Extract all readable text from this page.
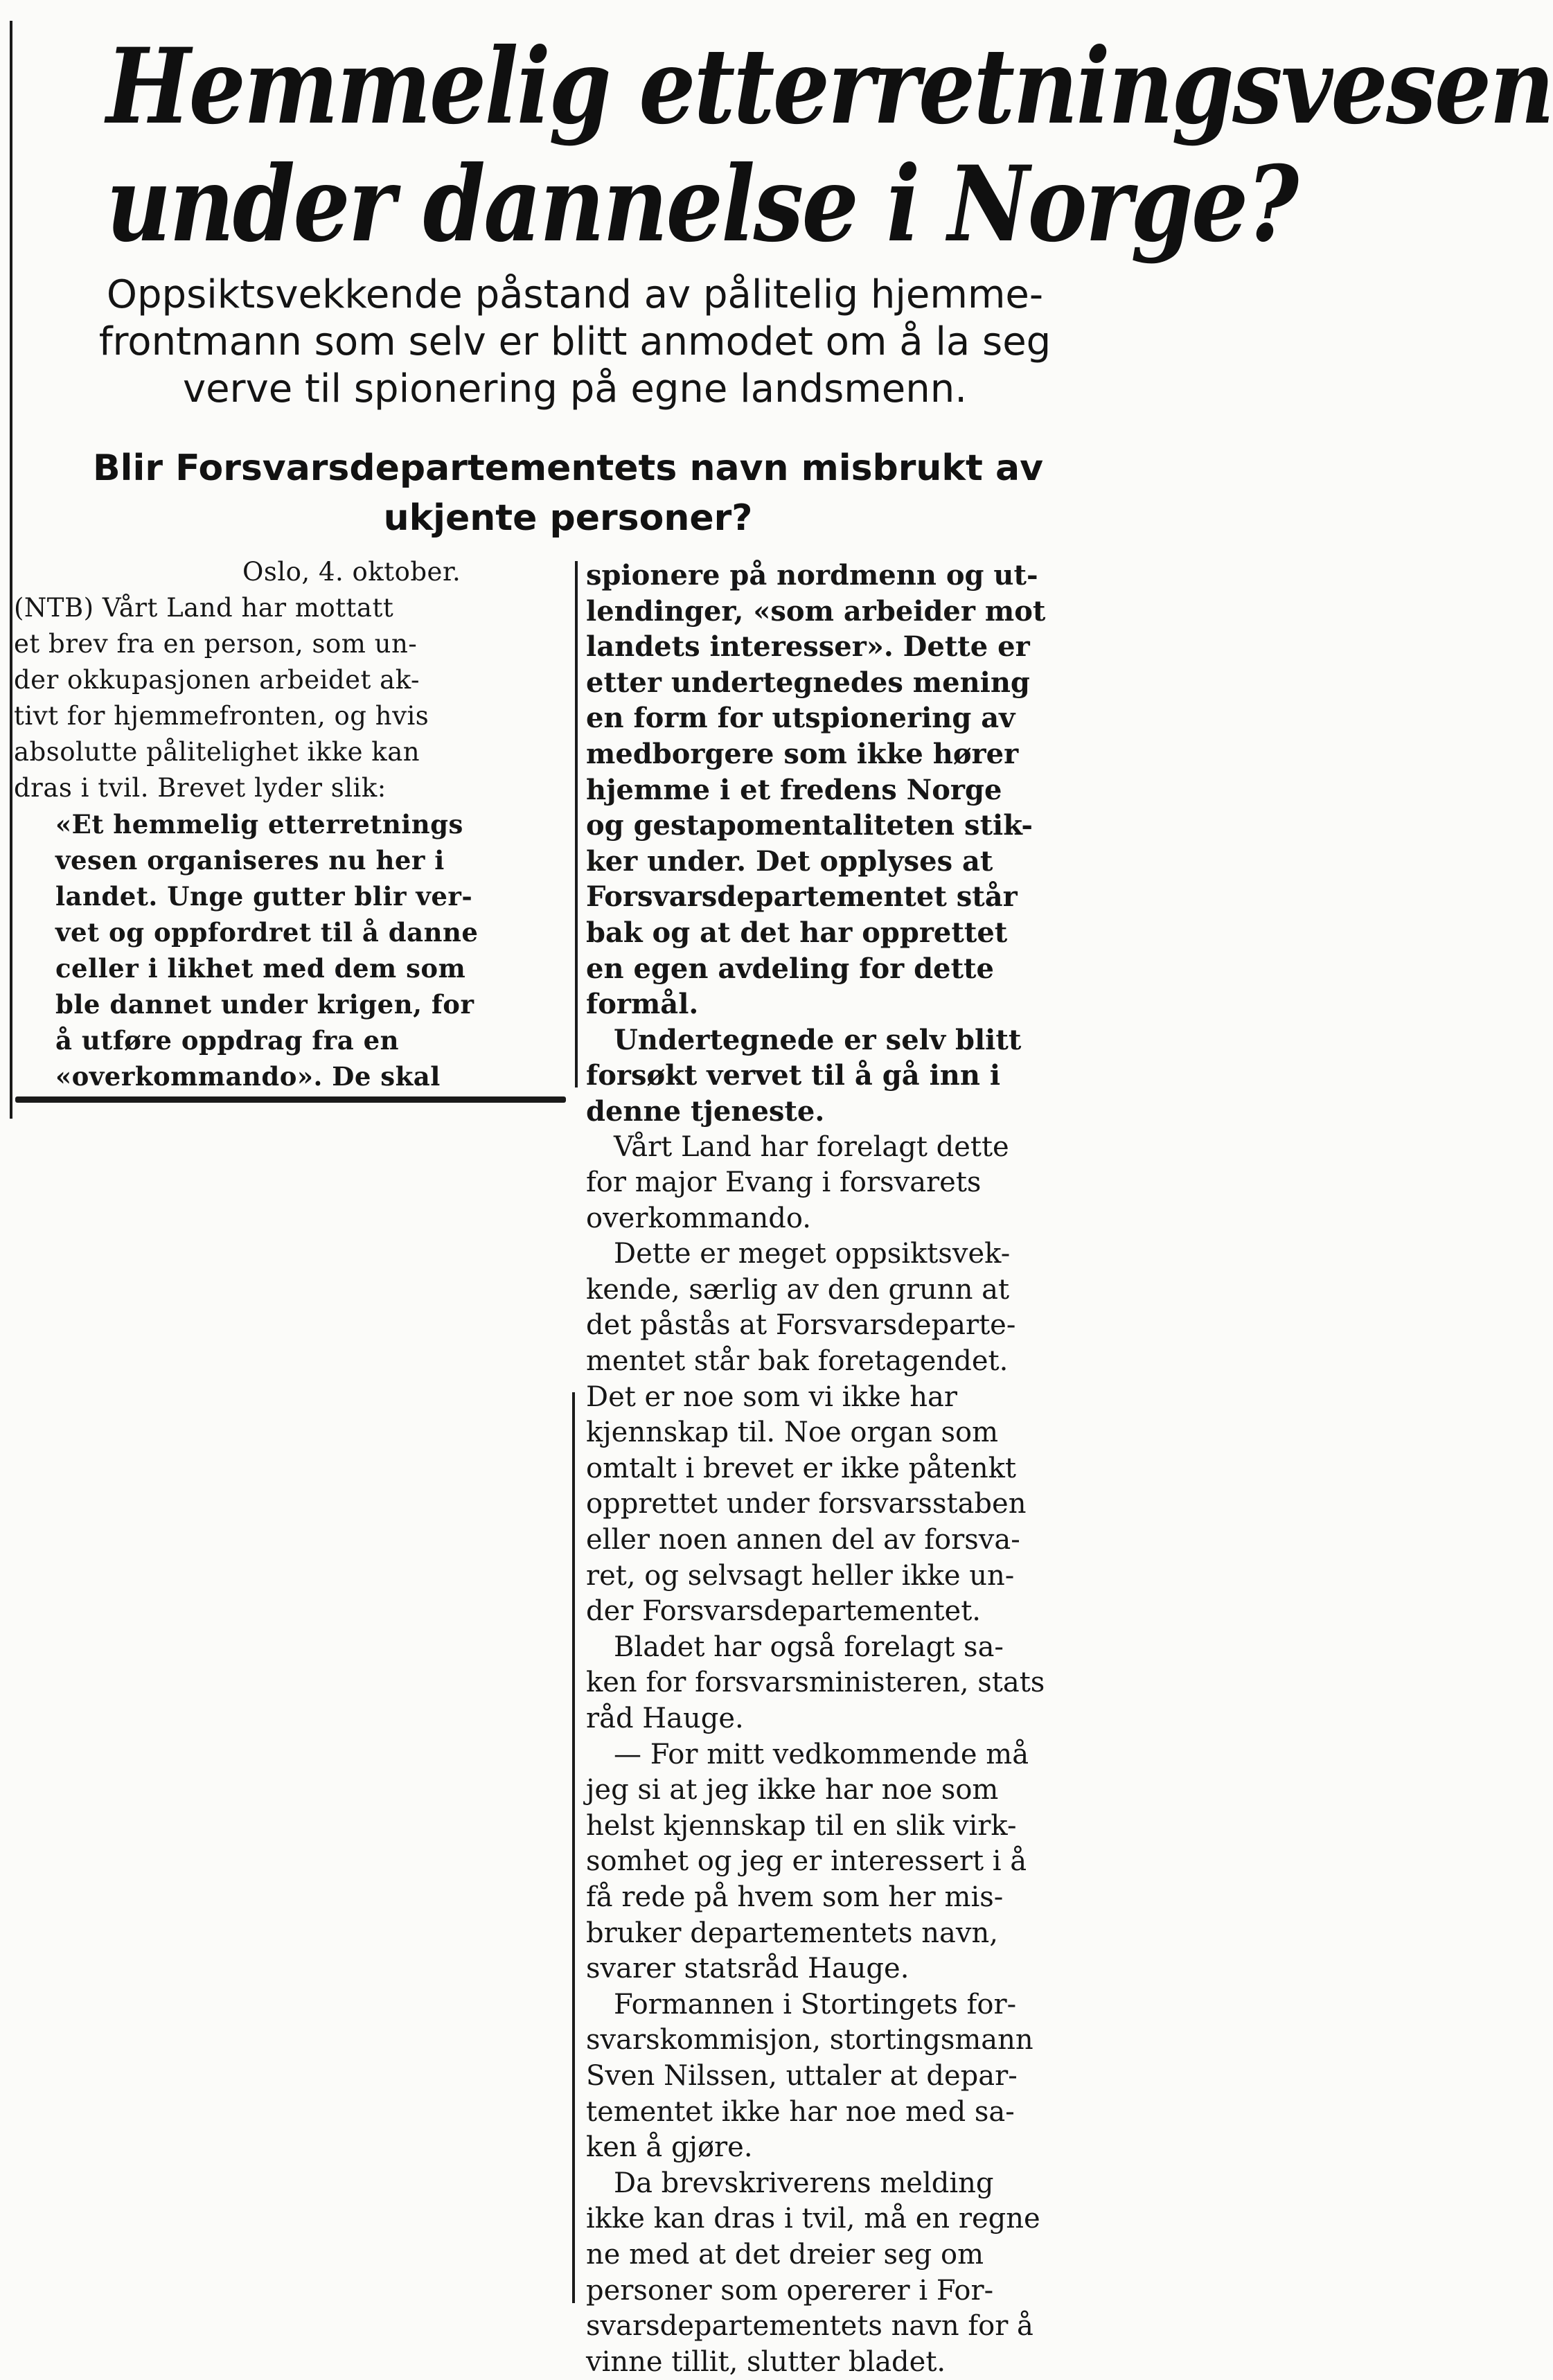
Hemmelig etterretningsvesen
under dannelse i Norge?
Oppsiktsvekkende påstand av pålitelig hjemme-
frontmann som selv er blitt anmodet om å la seg
verve til spionering på egne landsmenn.
Blir Forsvarsdepartementets navn misbrukt av
ukjente personer?
Oslo, 4. oktober.
(NTB) Vårt Land har mottatt
et brev fra en person, som un-
der okkupasjonen arbeidet ak-
tivt for hjemmefronten, og hvis
absolutte pålitelighet ikke kan
dras i tvil. Brevet lyder slik:
«Et hemmelig etterretnings
vesen organiseres nu her i
landet. Unge gutter blir ver-
vet og oppfordret til å danne
celler i likhet med dem som
ble dannet under krigen, for
å utføre oppdrag fra en
«overkommando». De skal
spionere på nordmenn og ut-
lendinger, «som arbeider mot
landets interesser». Dette er
etter undertegnedes mening
en form for utspionering av
medborgere som ikke hører
hjemme i et fredens Norge
og gestapomentaliteten stik-
ker under. Det opplyses at
Forsvarsdepartementet står
bak og at det har opprettet
en egen avdeling for dette
formål.
Undertegnede er selv blitt
forsøkt vervet til å gå inn i
denne tjeneste.
Vårt Land har forelagt dette
for major Evang i forsvarets
overkommando.
Dette er meget oppsiktsvek-
kende, særlig av den grunn at
det påstås at Forsvarsdeparte-
mentet står bak foretagendet.
Det er noe som vi ikke har
kjennskap til. Noe organ som
omtalt i brevet er ikke påtenkt
opprettet under forsvarsstaben
eller noen annen del av forsva-
ret, og selvsagt heller ikke un-
der Forsvarsdepartementet.
Bladet har også forelagt sa-
ken for forsvarsministeren, stats
råd Hauge.
— For mitt vedkommende må
jeg si at jeg ikke har noe som
helst kjennskap til en slik virk-
somhet og jeg er interessert i å
få rede på hvem som her mis-
bruker departementets navn,
svarer statsråd Hauge.
Formannen i Stortingets for-
svarskommisjon, stortingsmann
Sven Nilssen, uttaler at depar-
tementet ikke har noe med sa-
ken å gjøre.
Da brevskriverens melding
ikke kan dras i tvil, må en regne
ne med at det dreier seg om
personer som opererer i For-
svarsdepartementets navn for å
vinne tillit, slutter bladet.
